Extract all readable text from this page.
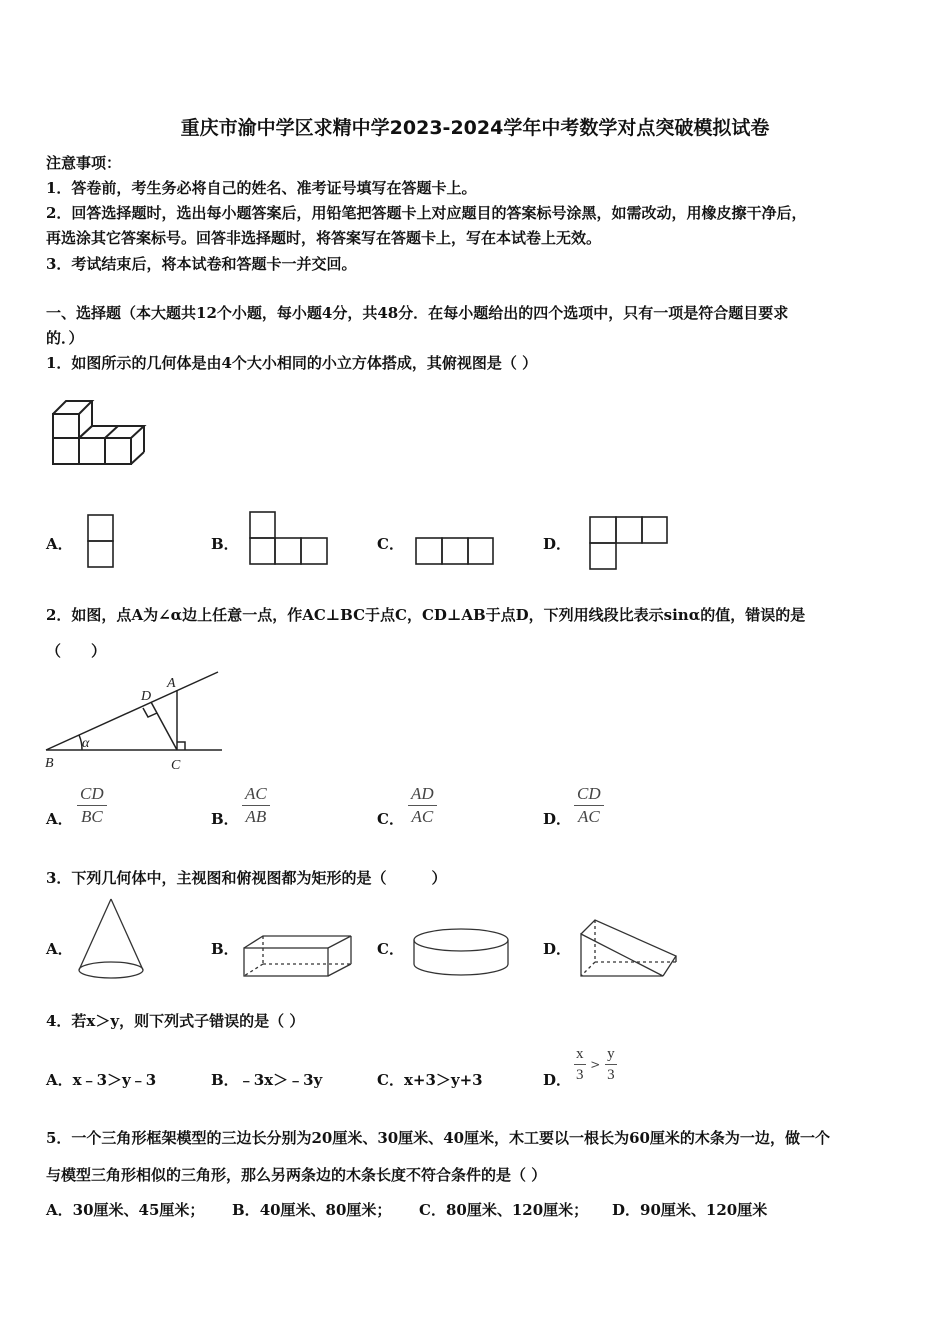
重庆市渝中学区求精中学2023-2024学年中考数学对点突破模拟试卷
注意事项：
1．答卷前，考生务必将自己的姓名、准考证号填写在答题卡上。
2．回答选择题时，选出每小题答案后，用铅笔把答题卡上对应题目的答案标号涂黑，如需改动，用橡皮擦干净后，
再选涂其它答案标号。回答非选择题时，将答案写在答题卡上，写在本试卷上无效。
3．考试结束后，将本试卷和答题卡一并交回。
一、选择题（本大题共12个小题，每小题4分，共48分．在每小题给出的四个选项中，只有一项是符合题目要求
的．）
1．如图所示的几何体是由4个大小相同的小立方体搭成，其俯视图是（ ）
A．	B．	C．	D．
2．如图，点A为∠α边上任意一点，作AC⊥BC于点C，CD⊥AB于点D，下列用线段比表示sinα的值，错误的是
（　　）
D
A
α
B	C
A． $\frac{CD}{BC}$	B． $\frac{AC}{AB}$	C． $\frac{AD}{AC}$	D． $\frac{CD}{AC}$
3．下列几何体中，主视图和俯视图都为矩形的是（　　　）
A．	B．	C．	D．
4．若x＞y，则下列式子错误的是（ ）
A．x﹣3＞y﹣3	B．﹣3x＞﹣3y	C．x+3＞y+3	D． $\frac{x}{3} > \frac{y}{3}$
5．一个三角形框架模型的三边长分别为20厘米、30厘米、40厘米，木工要以一根长为60厘米的木条为一边，做一个
与模型三角形相似的三角形，那么另两条边的木条长度不符合条件的是（ ）
A．30厘米、45厘米； B．40厘米、80厘米； C．80厘米、120厘米； D．90厘米、120厘米
